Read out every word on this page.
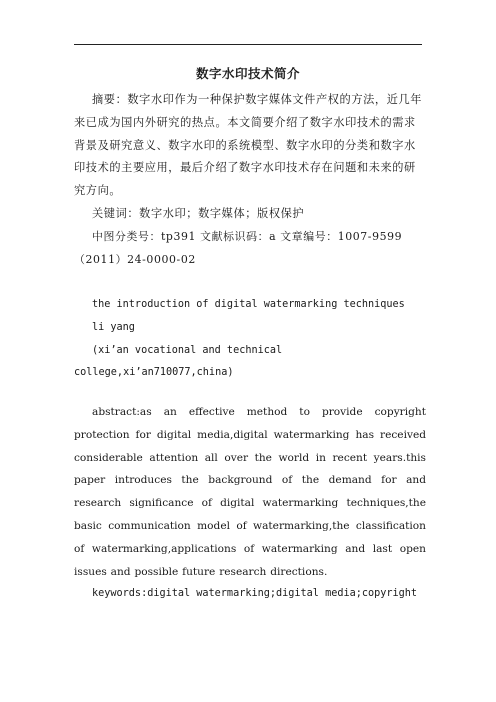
数字水印技术简介

摘要：数字水印作为一种保护数字媒体文件产权的方法，近几年来已成为国内外研究的热点。本文简要介绍了数字水印技术的需求背景及研究意义、数字水印的系统模型、数字水印的分类和数字水印技术的主要应用，最后介绍了数字水印技术存在问题和未来的研究方向。

关键词：数字水印；数字媒体；版权保护

中图分类号：tp391 文献标识码：a 文章编号：1007-9599（2011）24-0000-02

the introduction of digital watermarking techniques

li yang

(xi’an vocational and technical

college,xi’an710077,china)

abstract:as an effective method to provide copyright protection for digital media,digital watermarking has received considerable attention all over the world in recent years.this paper introduces the background of the demand for and research significance of digital watermarking techniques,the basic communication model of watermarking,the classification of watermarking,applications of watermarking and last open issues and possible future research directions.

keywords:digital watermarking;digital media;copyright
